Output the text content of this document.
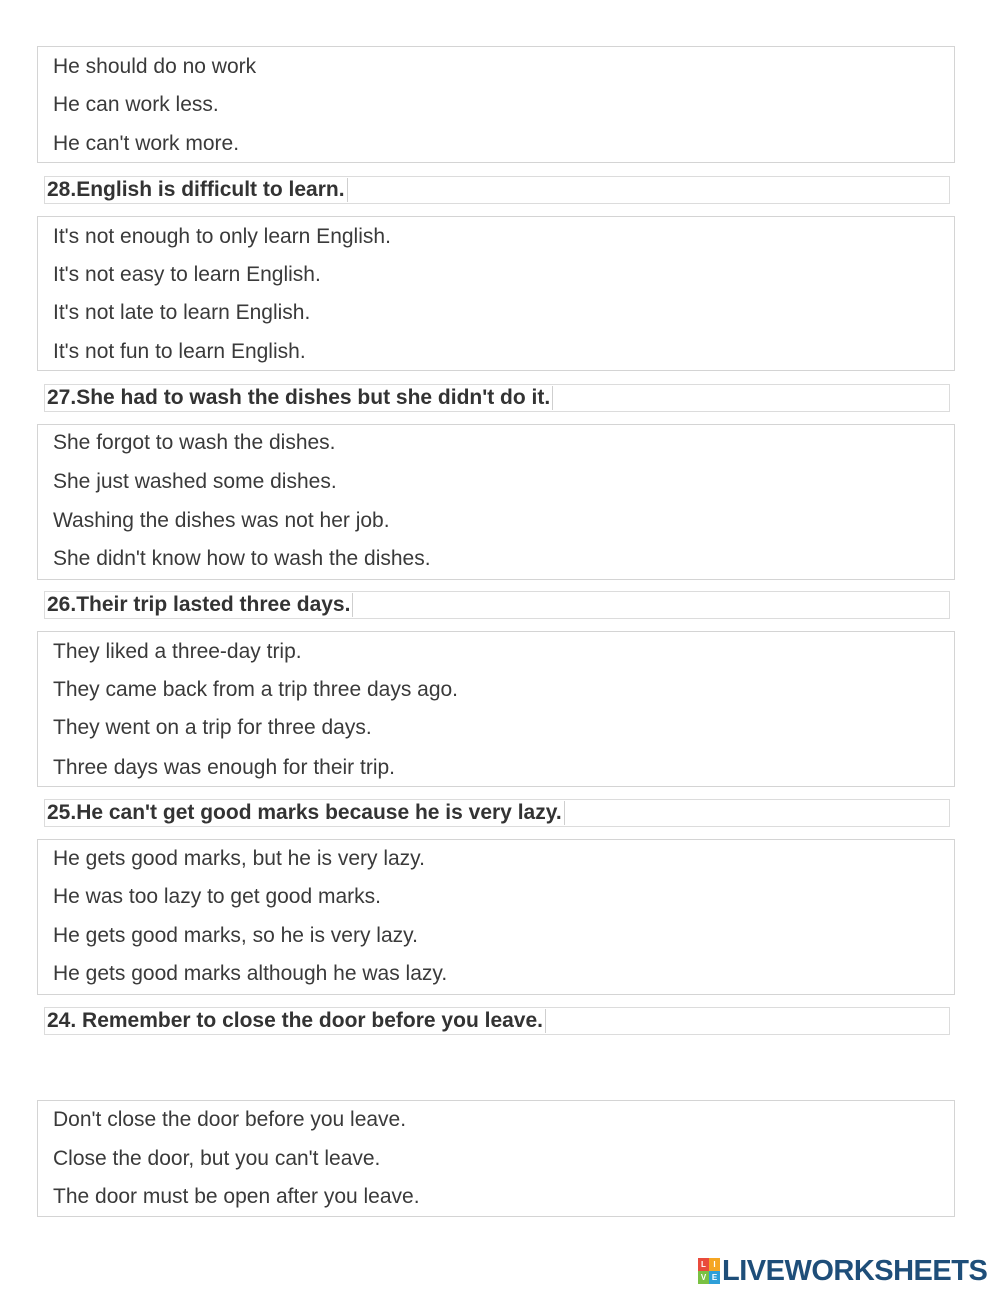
He should do no work
He can work less.
He can't work more.
28.English is difficult to learn.
It's not enough to only learn English.
It's not easy to learn English.
It's not late to learn English.
It's not fun to learn English.
27.She had to wash the dishes but she didn't do it.
She forgot to wash the dishes.
She just washed some dishes.
Washing the dishes was not her job.
She didn't know how to wash the dishes.
26.Their trip lasted three days.
They liked a three-day trip.
They came back from a trip three days ago.
They went on a trip for three days.
Three days was enough for their trip.
25.He can't get good marks because he is very lazy.
He gets good marks, but he is very lazy.
He was too lazy to get good marks.
He gets good marks, so he is very lazy.
He gets good marks although he was lazy.
24. Remember to close the door before you leave.
Don't close the door before you leave.
Close the door, but you can't leave.
The door must be open after you leave.
L I
V E LIVEWORKSHEETS
